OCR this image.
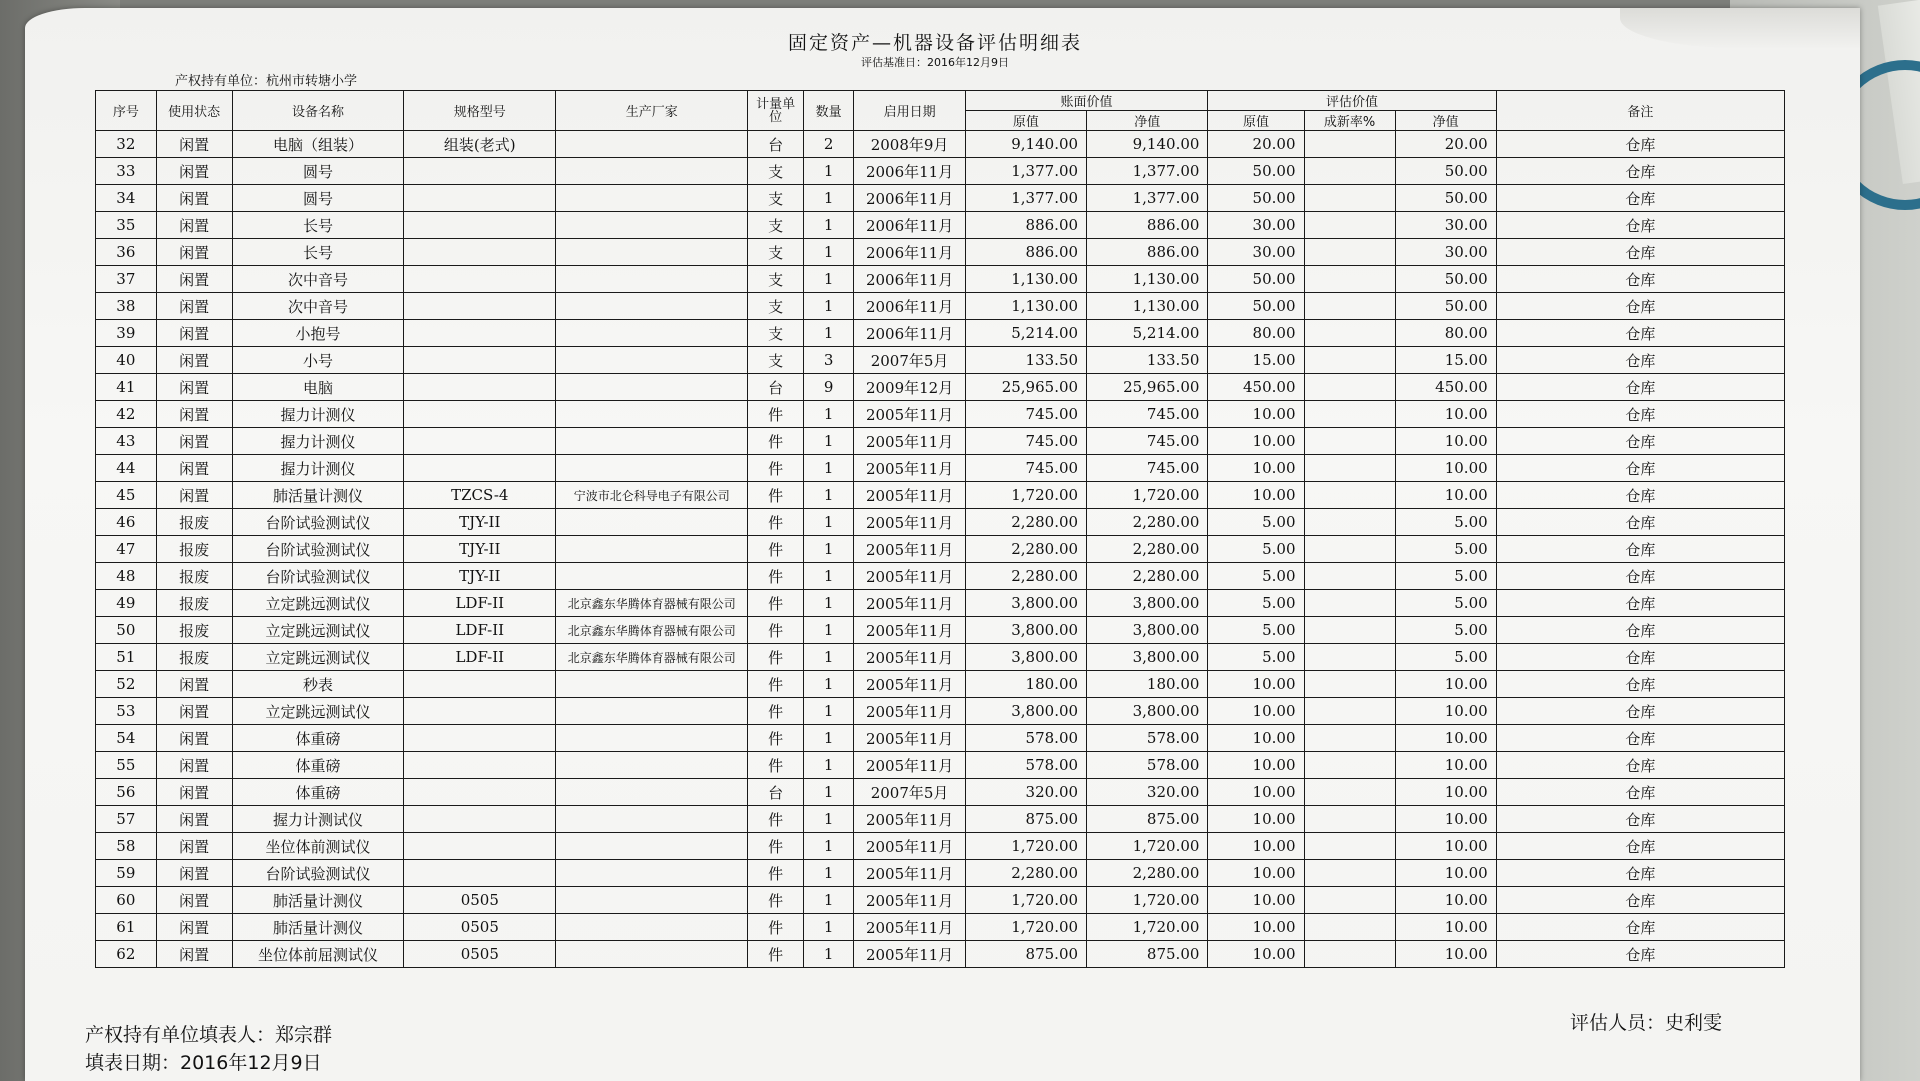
固定资产—机器设备评估明细表
评估基准日：2016年12月9日
产权持有单位：杭州市转塘小学
序号	使用状态	设备名称	规格型号	生产厂家	计量单位	数量	启用日期	账面价值		评估价值			备注
								原值	净值	原值	成新率%	净值	
32	闲置	电脑（组装）	组装(老式)		台	2	2008年9月	9,140.00	9,140.00	20.00		20.00	仓库
33	闲置	圆号			支	1	2006年11月	1,377.00	1,377.00	50.00		50.00	仓库
34	闲置	圆号			支	1	2006年11月	1,377.00	1,377.00	50.00		50.00	仓库
35	闲置	长号			支	1	2006年11月	886.00	886.00	30.00		30.00	仓库
36	闲置	长号			支	1	2006年11月	886.00	886.00	30.00		30.00	仓库
37	闲置	次中音号			支	1	2006年11月	1,130.00	1,130.00	50.00		50.00	仓库
38	闲置	次中音号			支	1	2006年11月	1,130.00	1,130.00	50.00		50.00	仓库
39	闲置	小抱号			支	1	2006年11月	5,214.00	5,214.00	80.00		80.00	仓库
40	闲置	小号			支	3	2007年5月	133.50	133.50	15.00		15.00	仓库
41	闲置	电脑			台	9	2009年12月	25,965.00	25,965.00	450.00		450.00	仓库
42	闲置	握力计测仪			件	1	2005年11月	745.00	745.00	10.00		10.00	仓库
43	闲置	握力计测仪			件	1	2005年11月	745.00	745.00	10.00		10.00	仓库
44	闲置	握力计测仪			件	1	2005年11月	745.00	745.00	10.00		10.00	仓库
45	闲置	肺活量计测仪	TZCS-4	宁波市北仑科导电子有限公司	件	1	2005年11月	1,720.00	1,720.00	10.00		10.00	仓库
46	报废	台阶试验测试仪	TJY-II		件	1	2005年11月	2,280.00	2,280.00	5.00		5.00	仓库
47	报废	台阶试验测试仪	TJY-II		件	1	2005年11月	2,280.00	2,280.00	5.00		5.00	仓库
48	报废	台阶试验测试仪	TJY-II		件	1	2005年11月	2,280.00	2,280.00	5.00		5.00	仓库
49	报废	立定跳远测试仪	LDF-II	北京鑫东华腾体育器械有限公司	件	1	2005年11月	3,800.00	3,800.00	5.00		5.00	仓库
50	报废	立定跳远测试仪	LDF-II	北京鑫东华腾体育器械有限公司	件	1	2005年11月	3,800.00	3,800.00	5.00		5.00	仓库
51	报废	立定跳远测试仪	LDF-II	北京鑫东华腾体育器械有限公司	件	1	2005年11月	3,800.00	3,800.00	5.00		5.00	仓库
52	闲置	秒表			件	1	2005年11月	180.00	180.00	10.00		10.00	仓库
53	闲置	立定跳远测试仪			件	1	2005年11月	3,800.00	3,800.00	10.00		10.00	仓库
54	闲置	体重磅			件	1	2005年11月	578.00	578.00	10.00		10.00	仓库
55	闲置	体重磅			件	1	2005年11月	578.00	578.00	10.00		10.00	仓库
56	闲置	体重磅			台	1	2007年5月	320.00	320.00	10.00		10.00	仓库
57	闲置	握力计测试仪			件	1	2005年11月	875.00	875.00	10.00		10.00	仓库
58	闲置	坐位体前测试仪			件	1	2005年11月	1,720.00	1,720.00	10.00		10.00	仓库
59	闲置	台阶试验测试仪			件	1	2005年11月	2,280.00	2,280.00	10.00		10.00	仓库
60	闲置	肺活量计测仪	0505		件	1	2005年11月	1,720.00	1,720.00	10.00		10.00	仓库
61	闲置	肺活量计测仪	0505		件	1	2005年11月	1,720.00	1,720.00	10.00		10.00	仓库
62	闲置	坐位体前屈测试仪	0505		件	1	2005年11月	875.00	875.00	10.00		10.00	仓库
产权持有单位填表人：郑宗群
填表日期：2016年12月9日
评估人员：史利雯
